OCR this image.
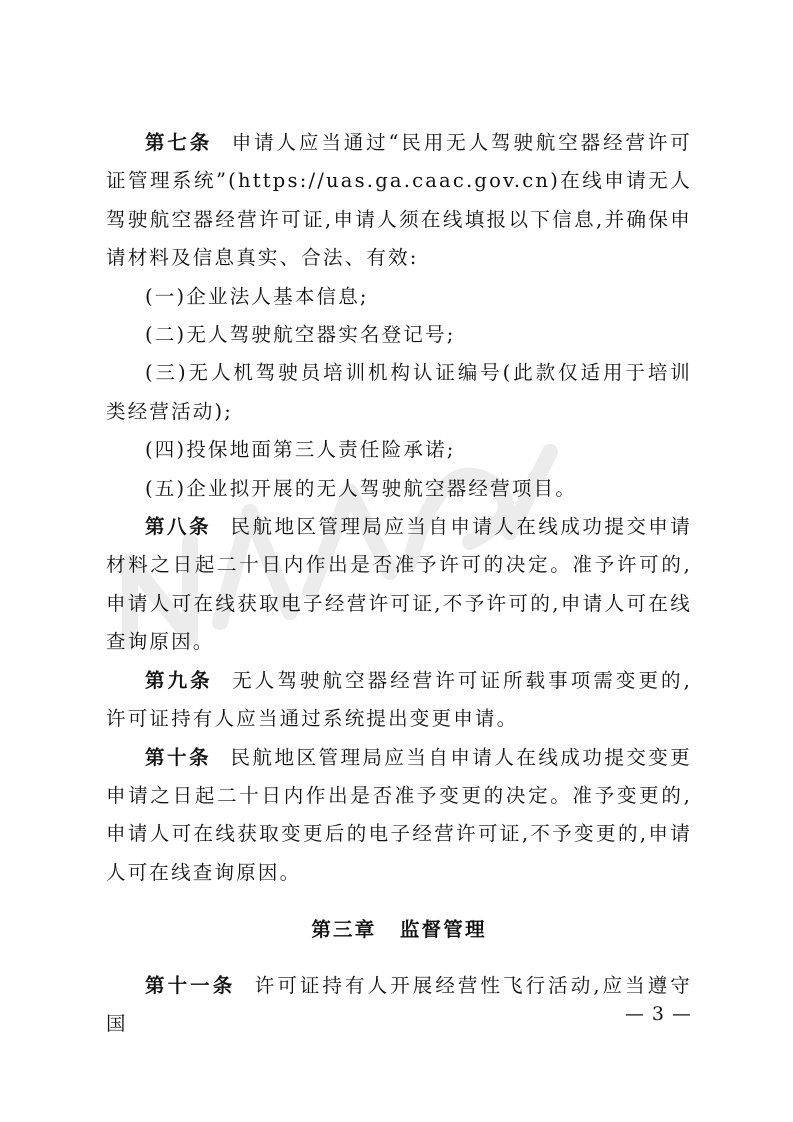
第七条 申请人应当通过“民用无人驾驶航空器经营许可证管理系统”(https://uas.ga.caac.gov.cn)在线申请无人驾驶航空器经营许可证,申请人须在线填报以下信息,并确保申请材料及信息真实、合法、有效:

(一)企业法人基本信息;

(二)无人驾驶航空器实名登记号;

(三)无人机驾驶员培训机构认证编号(此款仅适用于培训类经营活动);

(四)投保地面第三人责任险承诺;

(五)企业拟开展的无人驾驶航空器经营项目。

第八条 民航地区管理局应当自申请人在线成功提交申请材料之日起二十日内作出是否准予许可的决定。准予许可的,申请人可在线获取电子经营许可证,不予许可的,申请人可在线查询原因。

第九条 无人驾驶航空器经营许可证所载事项需变更的,许可证持有人应当通过系统提出变更申请。

第十条 民航地区管理局应当自申请人在线成功提交变更申请之日起二十日内作出是否准予变更的决定。准予变更的,申请人可在线获取变更后的电子经营许可证,不予变更的,申请人可在线查询原因。

第三章 监督管理

第十一条 许可证持有人开展经营性飞行活动,应当遵守国	— 3 —
